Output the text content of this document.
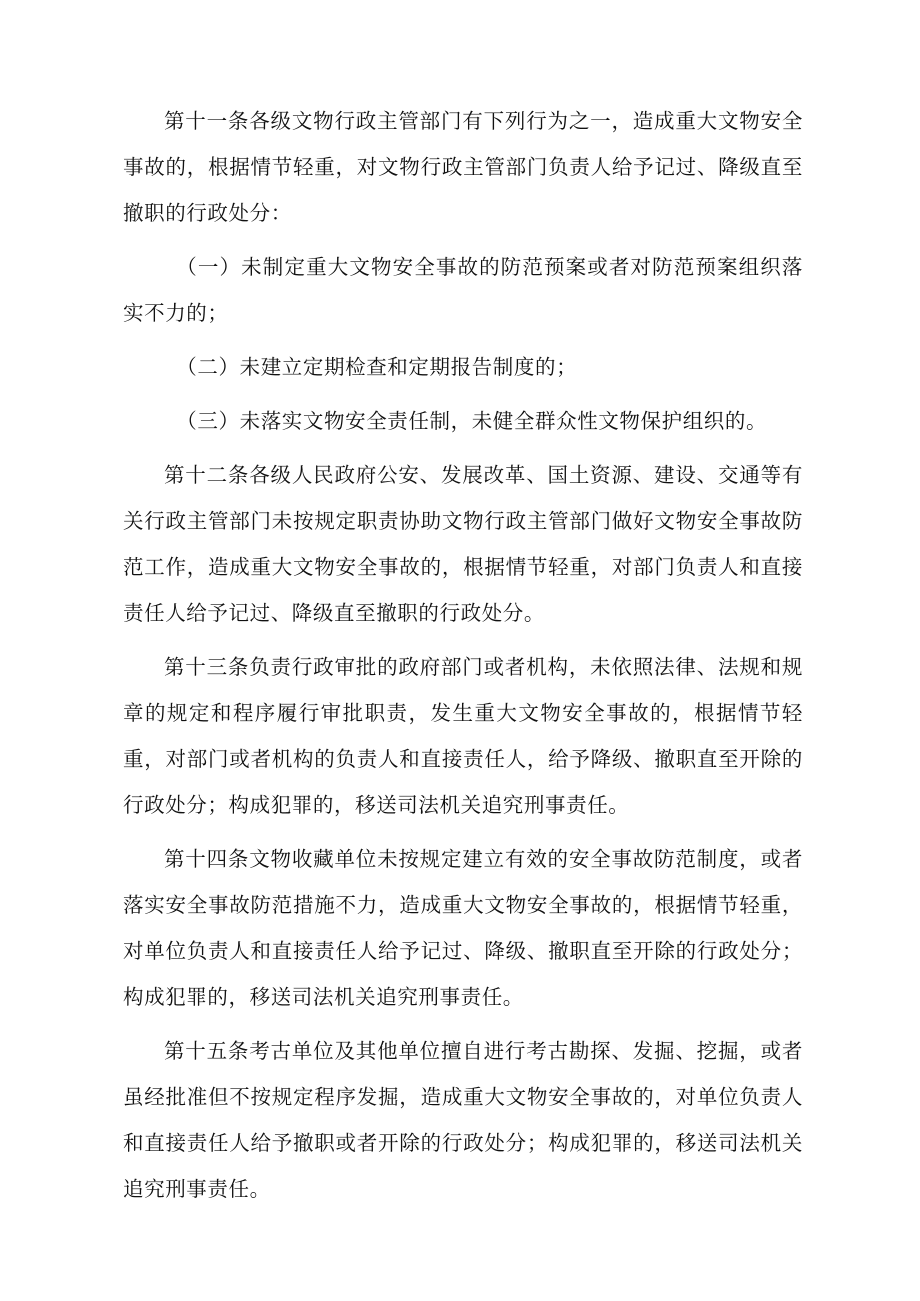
第十一条各级文物行政主管部门有下列行为之一，造成重大文物安全事故的，根据情节轻重，对文物行政主管部门负责人给予记过、降级直至撤职的行政处分：

（一）未制定重大文物安全事故的防范预案或者对防范预案组织落实不力的；

（二）未建立定期检查和定期报告制度的；

（三）未落实文物安全责任制，未健全群众性文物保护组织的。

第十二条各级人民政府公安、发展改革、国土资源、建设、交通等有关行政主管部门未按规定职责协助文物行政主管部门做好文物安全事故防范工作，造成重大文物安全事故的，根据情节轻重，对部门负责人和直接责任人给予记过、降级直至撤职的行政处分。

第十三条负责行政审批的政府部门或者机构，未依照法律、法规和规章的规定和程序履行审批职责，发生重大文物安全事故的，根据情节轻重，对部门或者机构的负责人和直接责任人，给予降级、撤职直至开除的行政处分；构成犯罪的，移送司法机关追究刑事责任。

第十四条文物收藏单位未按规定建立有效的安全事故防范制度，或者落实安全事故防范措施不力，造成重大文物安全事故的，根据情节轻重，对单位负责人和直接责任人给予记过、降级、撤职直至开除的行政处分；构成犯罪的，移送司法机关追究刑事责任。

第十五条考古单位及其他单位擅自进行考古勘探、发掘、挖掘，或者虽经批准但不按规定程序发掘，造成重大文物安全事故的，对单位负责人和直接责任人给予撤职或者开除的行政处分；构成犯罪的，移送司法机关追究刑事责任。
